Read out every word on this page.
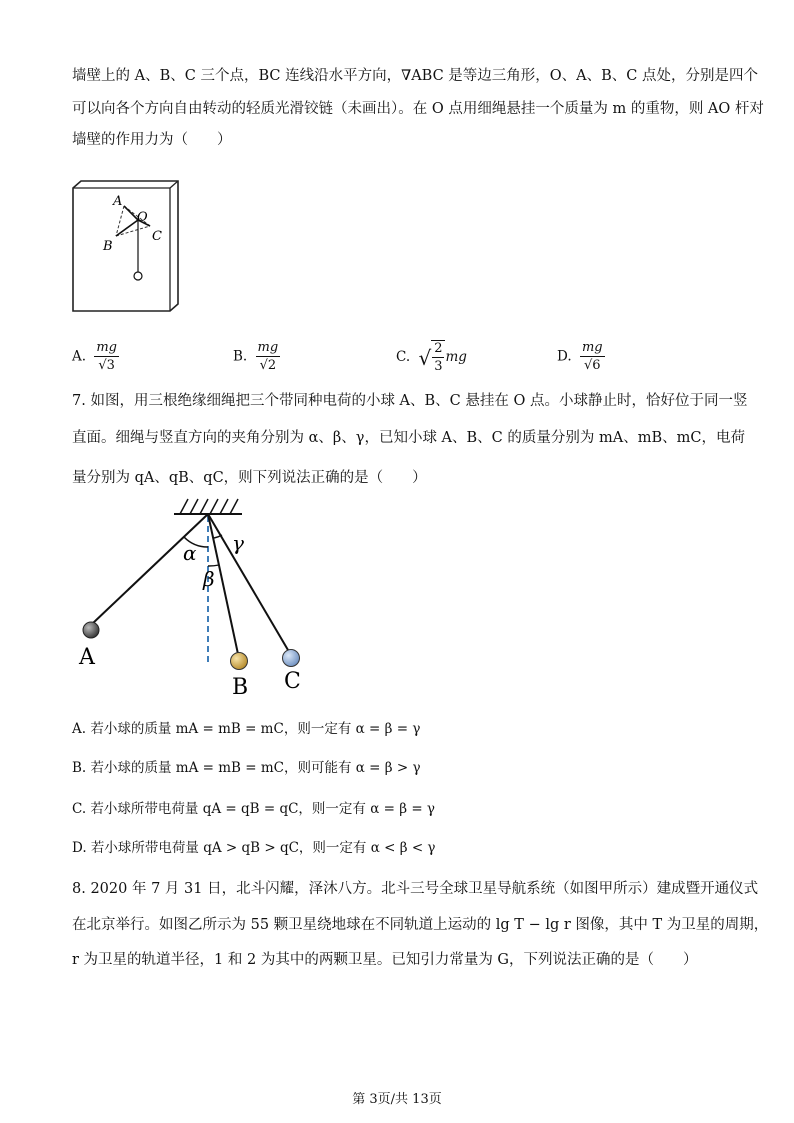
墙壁上的 A、B、C 三个点，BC 连线沿水平方向，∇ABC 是等边三角形，O、A、B、C 点处，分别是四个
可以向各个方向自由转动的轻质光滑铰链（未画出）。在 O 点用细绳悬挂一个质量为 m 的重物，则 AO 杆对
墙壁的作用力为（　　）
A
O
B
C
A. $\frac{mg}{√3}$	B. $\frac{mg}{√2}$	C. √ $\frac{2}{3}$ mg	D. $\frac{mg}{√6}$
7. 如图，用三根绝缘细绳把三个带同种电荷的小球 A、B、C 悬挂在 O 点。小球静止时，恰好位于同一竖
直面。细绳与竖直方向的夹角分别为 α、β、γ，已知小球 A、B、C 的质量分别为 mA、mB、mC，电荷
量分别为 qA、qB、qC，则下列说法正确的是（　　）
α
β
γ
A
B C
A. 若小球的质量 mA = mB = mC，则一定有 α = β = γ
B. 若小球的质量 mA = mB = mC，则可能有 α = β > γ
C. 若小球所带电荷量 qA = qB = qC，则一定有 α = β = γ
D. 若小球所带电荷量 qA > qB > qC，则一定有 α < β < γ
8. 2020 年 7 月 31 日，北斗闪耀，泽沐八方。北斗三号全球卫星导航系统（如图甲所示）建成暨开通仪式
在北京举行。如图乙所示为 55 颗卫星绕地球在不同轨道上运动的 lg T − lg r 图像，其中 T 为卫星的周期，
r 为卫星的轨道半径，1 和 2 为其中的两颗卫星。已知引力常量为 G，下列说法正确的是（　　）
第 3页/共 13页
